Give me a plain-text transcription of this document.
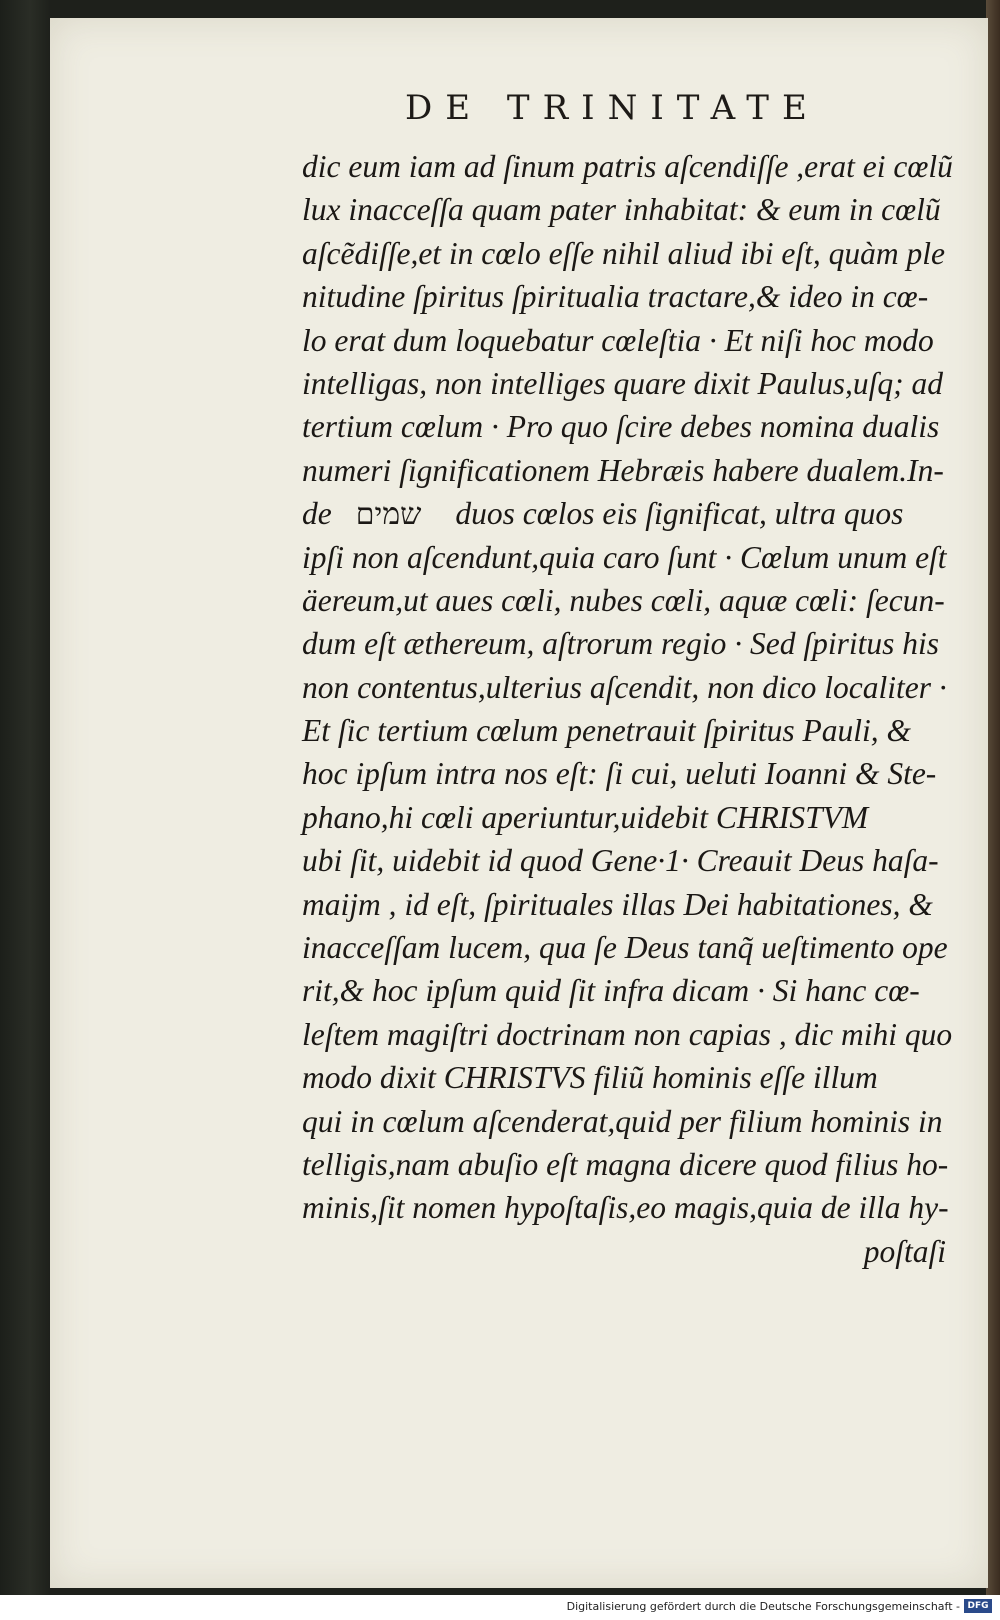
DE TRINITATE
dic eum iam ad ſinum patris aſcendiſſe ,erat ei cœlũ
lux inacceſſa quam pater inhabitat: & eum in cœlũ
aſcẽdiſſe,et in cœlo eſſe nihil aliud ibi eſt, quàm ple
nitudine ſpiritus ſpiritualia tractare,& ideo in cœ-
lo erat dum loquebatur cœleſtia · Et niſi hoc modo
intelligas, non intelliges quare dixit Paulus,uſq; ad
tertium cœlum · Pro quo ſcire debes nomina dualis
numeri ſignificationem Hebræis habere dualem.In-
de שמים duos cœlos eis ſignificat, ultra quos
ipſi non aſcendunt,quia caro ſunt · Cœlum unum eſt
äereum,ut aues cœli, nubes cœli, aquæ cœli: ſecun-
dum eſt æthereum, aſtrorum regio · Sed ſpiritus his
non contentus,ulterius aſcendit, non dico localiter ·
Et ſic tertium cœlum penetrauit ſpiritus Pauli, &
hoc ipſum intra nos eſt: ſi cui, ueluti Ioanni & Ste-
phano,hi cœli aperiuntur,uidebit CHRISTVM
ubi ſit, uidebit id quod Gene·1· Creauit Deus haſa-
maijm , id eſt, ſpirituales illas Dei habitationes, &
inacceſſam lucem, qua ſe Deus tanq̃ ueſtimento ope
rit,& hoc ipſum quid ſit infra dicam · Si hanc cœ-
leſtem magiſtri doctrinam non capias , dic mihi quo
modo dixit CHRISTVS filiũ hominis eſſe illum
qui in cœlum aſcenderat,quid per filium hominis in
telligis,nam abuſio eſt magna dicere quod filius ho-
minis,ſit nomen hypoſtaſis,eo magis,quia de illa hy-
poſtaſi
Digitalisierung gefördert durch die Deutsche Forschungsgemeinschaft - DFG
